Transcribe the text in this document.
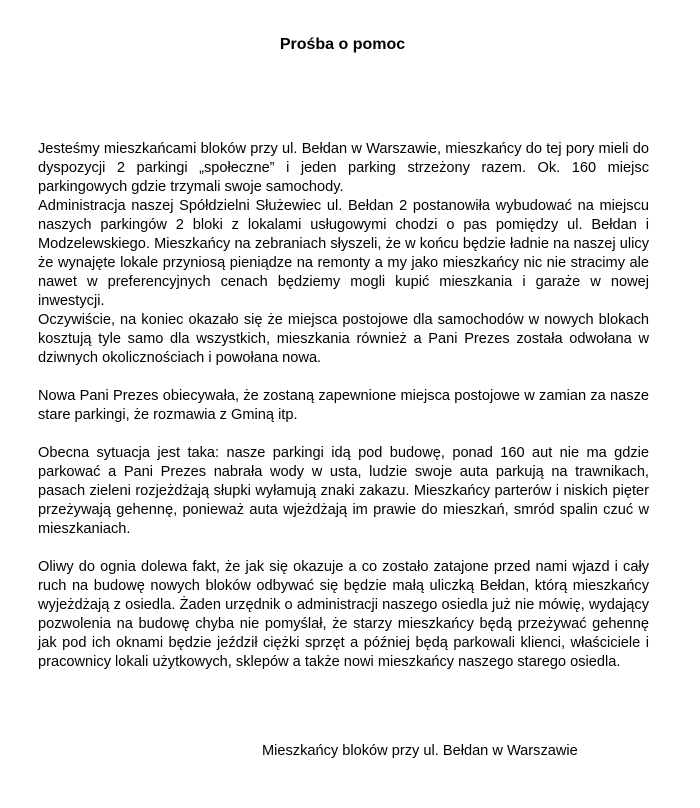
Prośba o pomoc

Jesteśmy mieszkańcami bloków przy ul. Bełdan w Warszawie, mieszkańcy do tej pory mieli do dyspozycji 2 parkingi „społeczne” i jeden parking strzeżony razem. Ok. 160 miejsc parkingowych gdzie trzymali swoje samochody.

Administracja naszej Spółdzielni Służewiec ul. Bełdan 2 postanowiła wybudować na miejscu naszych parkingów 2 bloki z lokalami usługowymi chodzi o pas pomiędzy ul. Bełdan i Modzelewskiego. Mieszkańcy na zebraniach słyszeli, że w końcu będzie ładnie na naszej ulicy że wynajęte lokale przyniosą pieniądze na remonty a my jako mieszkańcy nic nie stracimy ale nawet w preferencyjnych cenach będziemy mogli kupić mieszkania i garaże w nowej inwestycji.

Oczywiście, na koniec okazało się że miejsca postojowe dla samochodów w nowych blokach kosztują tyle samo dla wszystkich, mieszkania również a Pani Prezes została odwołana w dziwnych okolicznościach i powołana nowa.

Nowa Pani Prezes obiecywała, że zostaną zapewnione miejsca postojowe w zamian za nasze stare parkingi, że rozmawia z Gminą itp.

Obecna sytuacja jest taka: nasze parkingi idą pod budowę, ponad 160 aut nie ma gdzie parkować a Pani Prezes nabrała wody w usta, ludzie swoje auta parkują na trawnikach, pasach zieleni rozjeżdżają słupki wyłamują znaki zakazu. Mieszkańcy parterów i niskich pięter przeżywają gehennę, ponieważ auta wjeżdżają im prawie do mieszkań, smród spalin czuć w mieszkaniach.

Oliwy do ognia dolewa fakt, że jak się okazuje a co zostało zatajone przed nami wjazd i cały ruch na budowę nowych bloków odbywać się będzie małą uliczką Bełdan, którą mieszkańcy wyjeżdżają z osiedla. Żaden urzędnik o administracji naszego osiedla już nie mówię, wydający pozwolenia na budowę chyba nie pomyślał, że starzy mieszkańcy będą przeżywać gehennę jak pod ich oknami będzie jeździł ciężki sprzęt a później będą parkowali klienci, właściciele i pracownicy lokali użytkowych, sklepów a także nowi mieszkańcy naszego starego osiedla.

Mieszkańcy bloków przy ul. Bełdan w Warszawie
